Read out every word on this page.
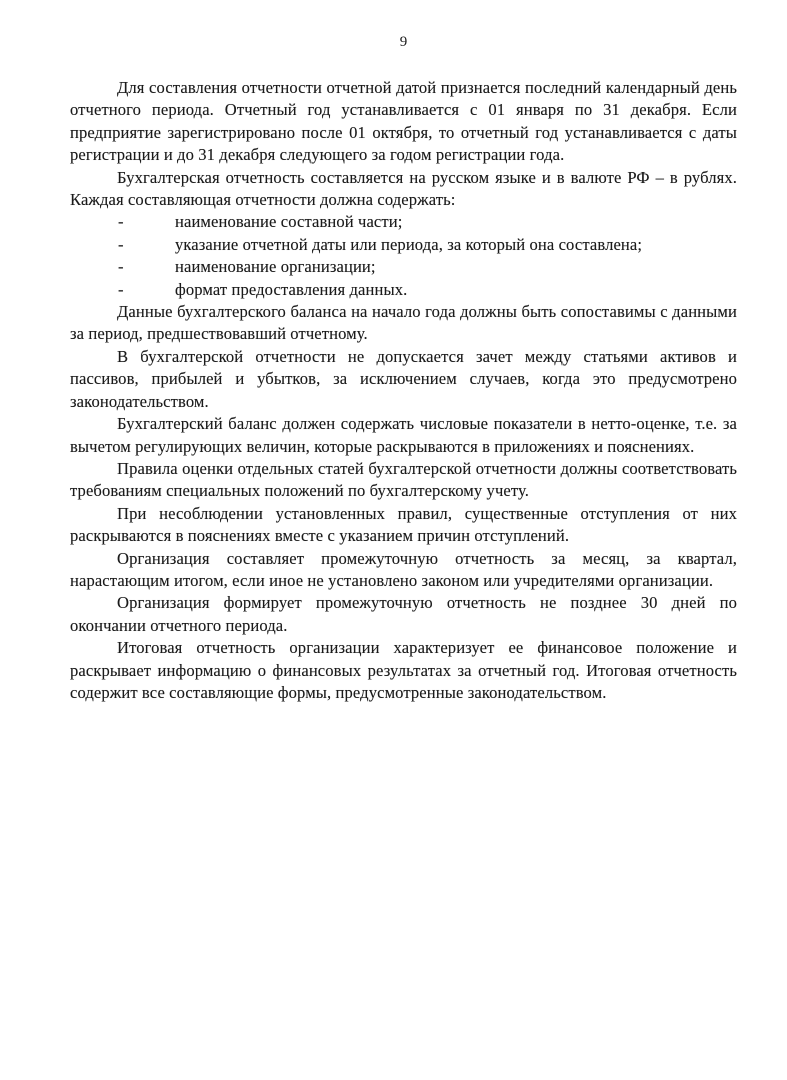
9

Для составления отчетности отчетной датой признается последний календарный день отчетного периода. Отчетный год устанавливается с 01 января по 31 декабря. Если предприятие зарегистрировано после 01 октября, то отчетный год устанавливается с даты регистрации и до 31 декабря следующего за годом регистрации года.

Бухгалтерская отчетность составляется на русском языке и в валюте РФ – в рублях. Каждая составляющая отчетности должна содержать:

-	наименование составной части;
-	указание отчетной даты или периода, за который она составлена;
-	наименование организации;
-	формат предоставления данных.

Данные бухгалтерского баланса на начало года должны быть сопоставимы с данными за период, предшествовавший отчетному.

В бухгалтерской отчетности не допускается зачет между статьями активов и пассивов, прибылей и убытков, за исключением случаев, когда это предусмотрено законодательством.

Бухгалтерский баланс должен содержать числовые показатели в нетто-оценке, т.е. за вычетом регулирующих величин, которые раскрываются в приложениях и пояснениях.

Правила оценки отдельных статей бухгалтерской отчетности должны соответствовать требованиям специальных положений по бухгалтерскому учету.

При несоблюдении установленных правил, существенные отступления от них раскрываются в пояснениях вместе с указанием причин отступлений.

Организация составляет промежуточную отчетность за месяц, за квартал, нарастающим итогом, если иное не установлено законом или учредителями организации.

Организация формирует промежуточную отчетность не позднее 30 дней по окончании отчетного периода.

Итоговая отчетность организации характеризует ее финансовое положение и раскрывает информацию о финансовых результатах за отчетный год. Итоговая отчетность содержит все составляющие формы, предусмотренные законодательством.
